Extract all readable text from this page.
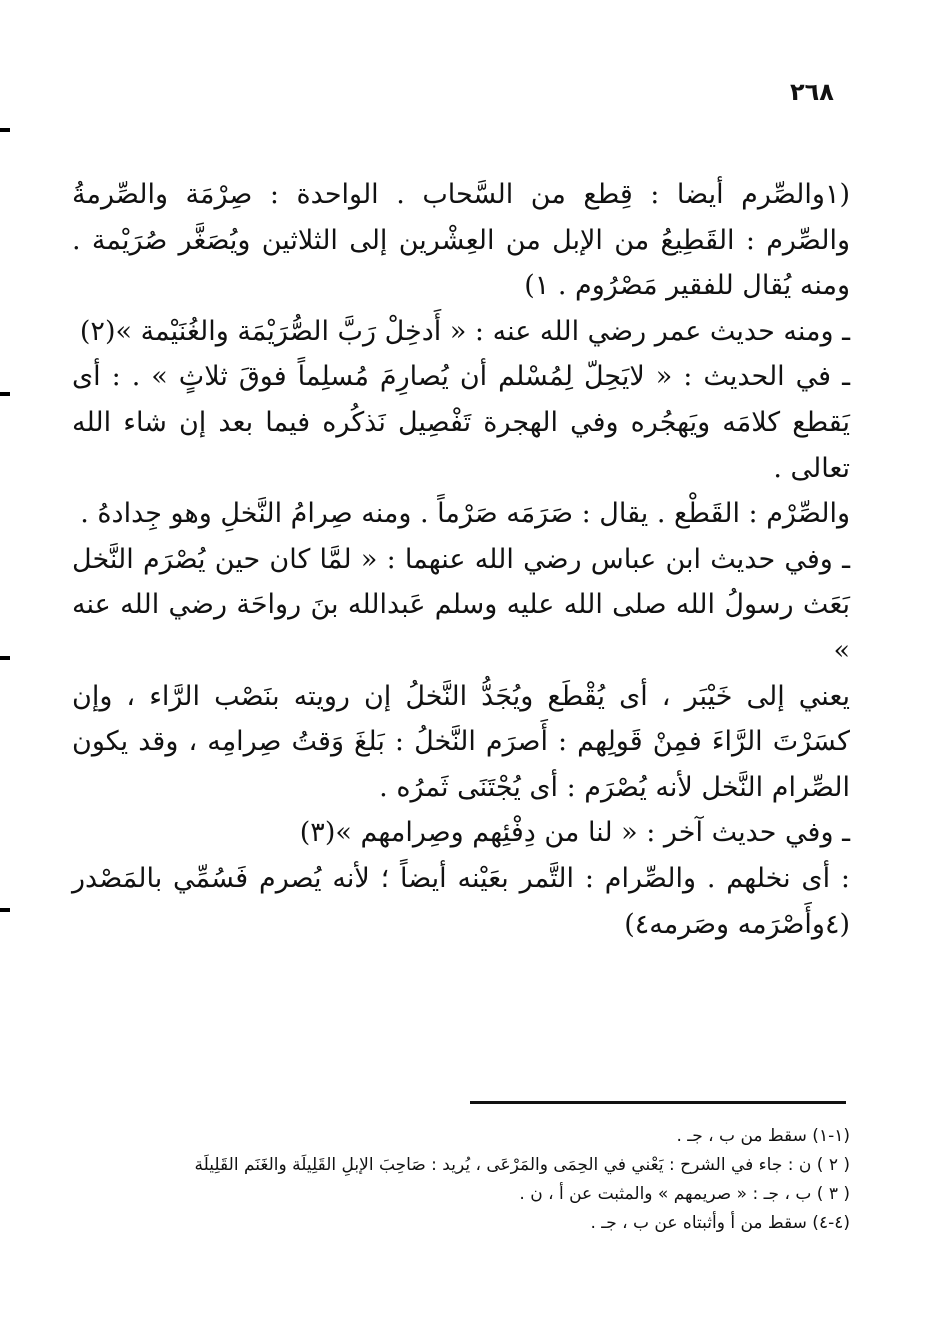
٢٦٨

(١والصِّرم أيضا : قِطع من السَّحاب . الواحدة : صِرْمَة والصِّرمةُ والصِّرم : القَطِيعُ من الإبل من العِشْرين إلى الثلاثين ويُصَغَّر صُرَيْمة . ومنه يُقال للفقير مَصْرُوم . ١)

ـ ومنه حديث عمر رضي الله عنه : « أَدخِلْ رَبَّ الصُّرَيْمَة والغُنَيْمة »(٢)

ـ في الحديث : « لايَحِلّ لِمُسْلم أن يُصارِمَ مُسلِماً فوقَ ثلاثٍ » . : أى يَقطع كلامَه ويَهجُره وفي الهجرة تَفْصِيل نَذكُره فيما بعد إن شاء الله تعالى .

والصِّرْم : القَطْع . يقال : صَرَمَه صَرْماً . ومنه صِرامُ النَّخلِ وهو جِدادهُ .

ـ وفي حديث ابن عباس رضي الله عنهما : « لمَّا كان حين يُصْرَم النَّخل بَعَث رسولُ الله صلى الله عليه وسلم عَبدالله بنَ رواحَة رضي الله عنه »

يعني إلى خَيْبَر ، أى يُقْطَع ويُجَدُّ النَّخلُ إن رويته بنَصْب الرَّاء ، وإن كسَرْتَ الرَّاءَ فمِنْ قَولِهم : أَصرَم النَّخلُ : بَلغَ وَقتُ صِرامِه ، وقد يكون الصِّرام النَّخل لأنه يُصْرَم : أى يُجْتَنَى ثَمرُه .

ـ وفي حديث آخر : « لنا من دِفْئِهم وصِرامهم »(٣)

: أى نخلهم . والصِّرام : التَّمر بعَيْنه أيضاً ؛ لأنه يُصرم فَسُمِّي بالمَصْدر (٤وأَصْرَمه وصَرمه٤)

(١-١) سقط من ب ، جـ .

( ٢ ) ن : جاء في الشرح : يَعْني في الحِمَى والمَرْعَى ، يُريد : صَاحِبَ الإبلِ القَلِيلَة والغَنَم القَلِيلَة

( ٣ ) ب ، جـ : « صريمهم » والمثبت عن أ ، ن .

(٤-٤) سقط من أ وأثبتاه عن ب ، جـ .
